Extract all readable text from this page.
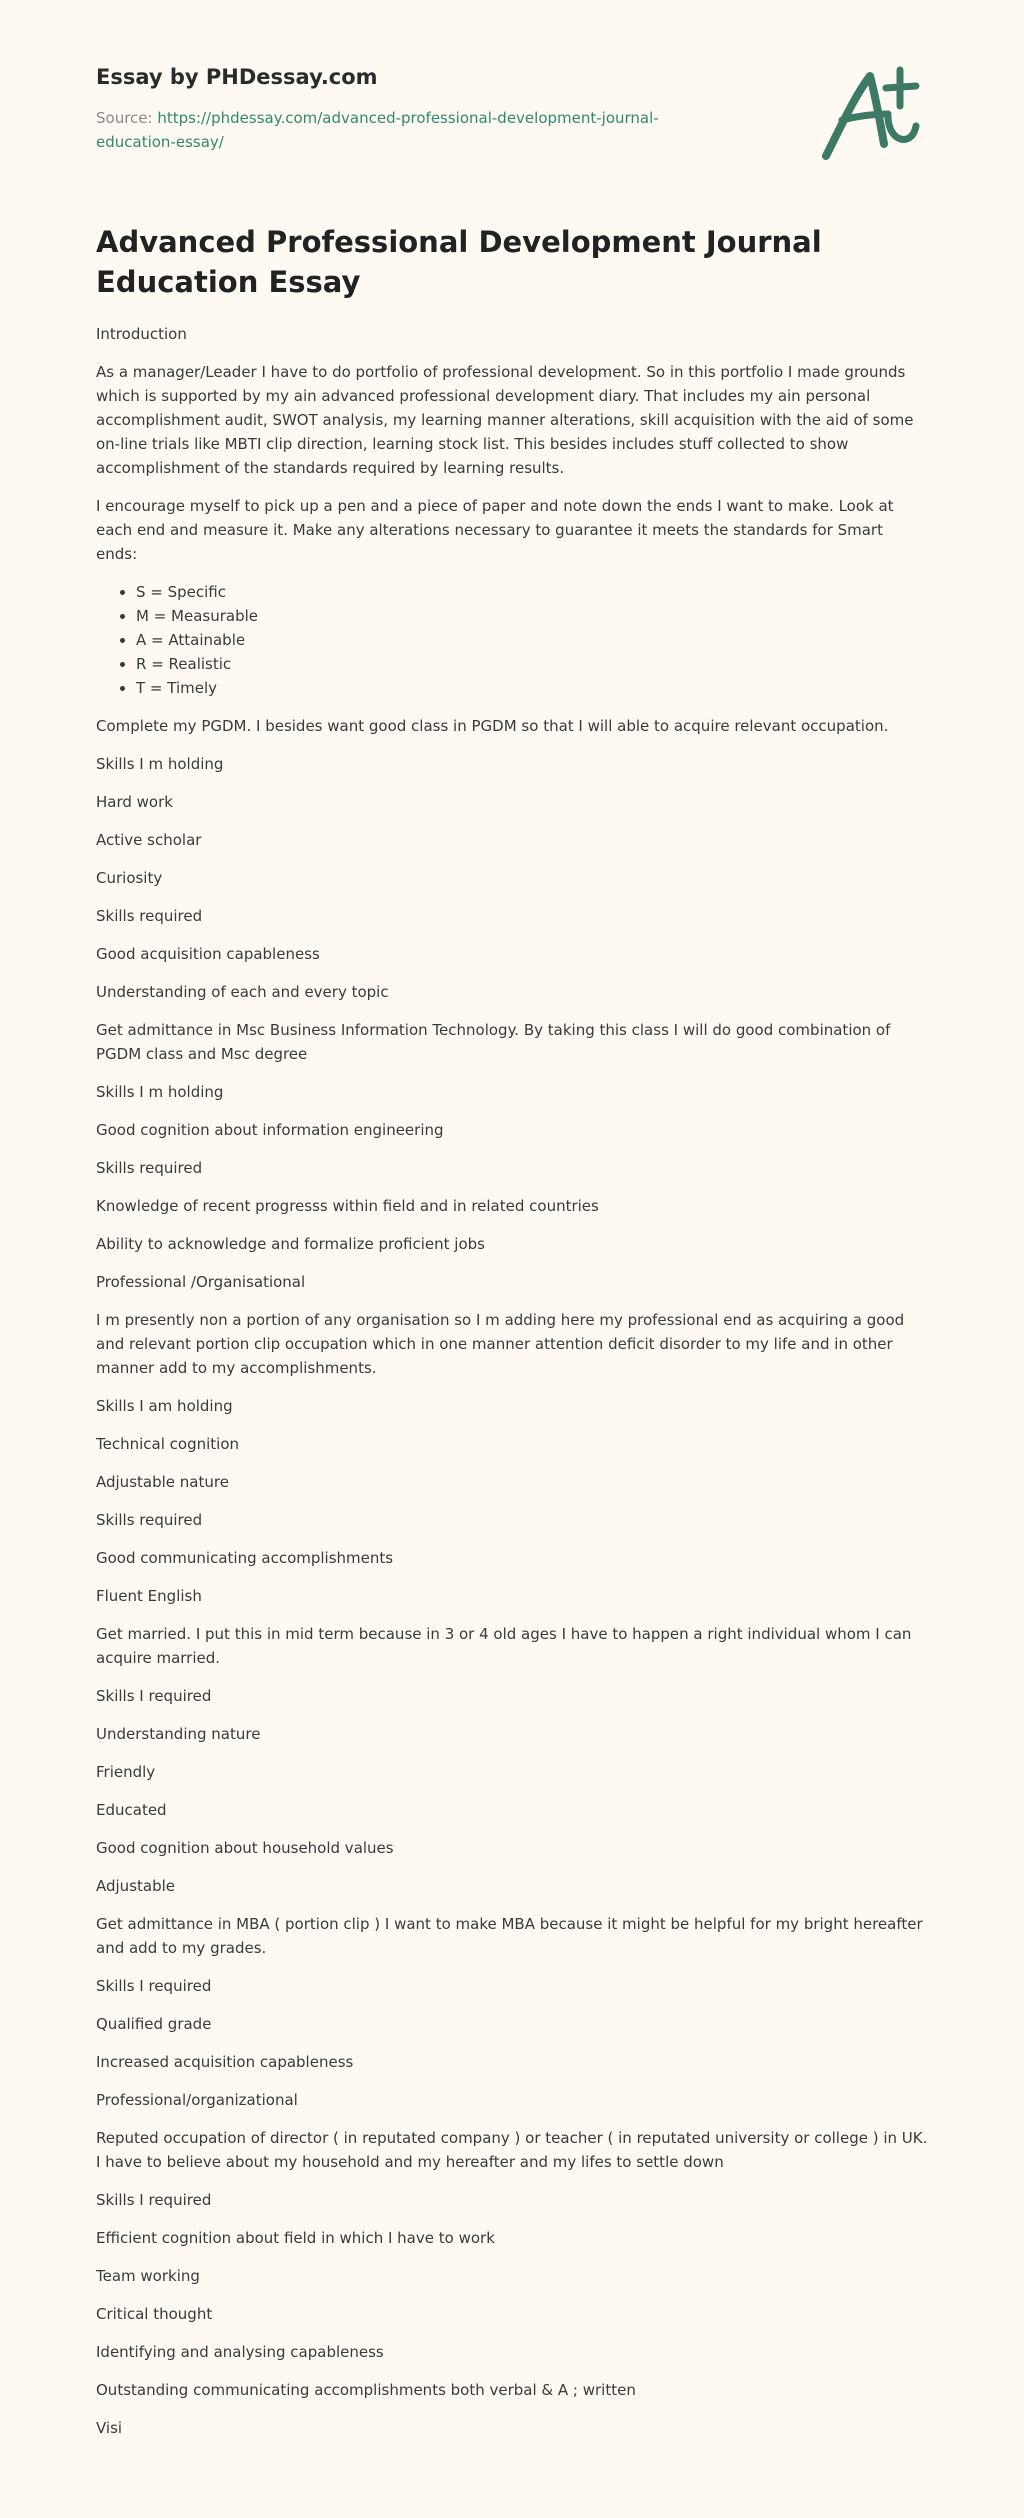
Essay by PHDessay.com
Source: https://phdessay.com/advanced-professional-development-journal-education-essay/
Advanced Professional Development Journal Education Essay

Introduction

As a manager/Leader I have to do portfolio of professional development. So in this portfolio I made grounds which is supported by my ain advanced professional development diary. That includes my ain personal accomplishment audit, SWOT analysis, my learning manner alterations, skill acquisition with the aid of some on-line trials like MBTI clip direction, learning stock list. This besides includes stuff collected to show accomplishment of the standards required by learning results.

I encourage myself to pick up a pen and a piece of paper and note down the ends I want to make. Look at each end and measure it. Make any alterations necessary to guarantee it meets the standards for Smart ends:

• S = Specific
• M = Measurable
• A = Attainable
• R = Realistic
• T = Timely

Complete my PGDM. I besides want good class in PGDM so that I will able to acquire relevant occupation.

Skills I m holding

Hard work

Active scholar

Curiosity

Skills required

Good acquisition capableness

Understanding of each and every topic

Get admittance in Msc Business Information Technology. By taking this class I will do good combination of PGDM class and Msc degree

Skills I m holding

Good cognition about information engineering

Skills required

Knowledge of recent progresss within field and in related countries

Ability to acknowledge and formalize proficient jobs

Professional /Organisational

I m presently non a portion of any organisation so I m adding here my professional end as acquiring a good and relevant portion clip occupation which in one manner attention deficit disorder to my life and in other manner add to my accomplishments.

Skills I am holding

Technical cognition

Adjustable nature

Skills required

Good communicating accomplishments

Fluent English

Get married. I put this in mid term because in 3 or 4 old ages I have to happen a right individual whom I can acquire married.

Skills I required

Understanding nature

Friendly

Educated

Good cognition about household values

Adjustable

Get admittance in MBA ( portion clip ) I want to make MBA because it might be helpful for my bright hereafter and add to my grades.

Skills I required

Qualified grade

Increased acquisition capableness

Professional/organizational

Reputed occupation of director ( in reputated company ) or teacher ( in reputated university or college ) in UK. I have to believe about my household and my hereafter and my lifes to settle down

Skills I required

Efficient cognition about field in which I have to work

Team working

Critical thought

Identifying and analysing capableness

Outstanding communicating accomplishments both verbal & A ; written

Visi
